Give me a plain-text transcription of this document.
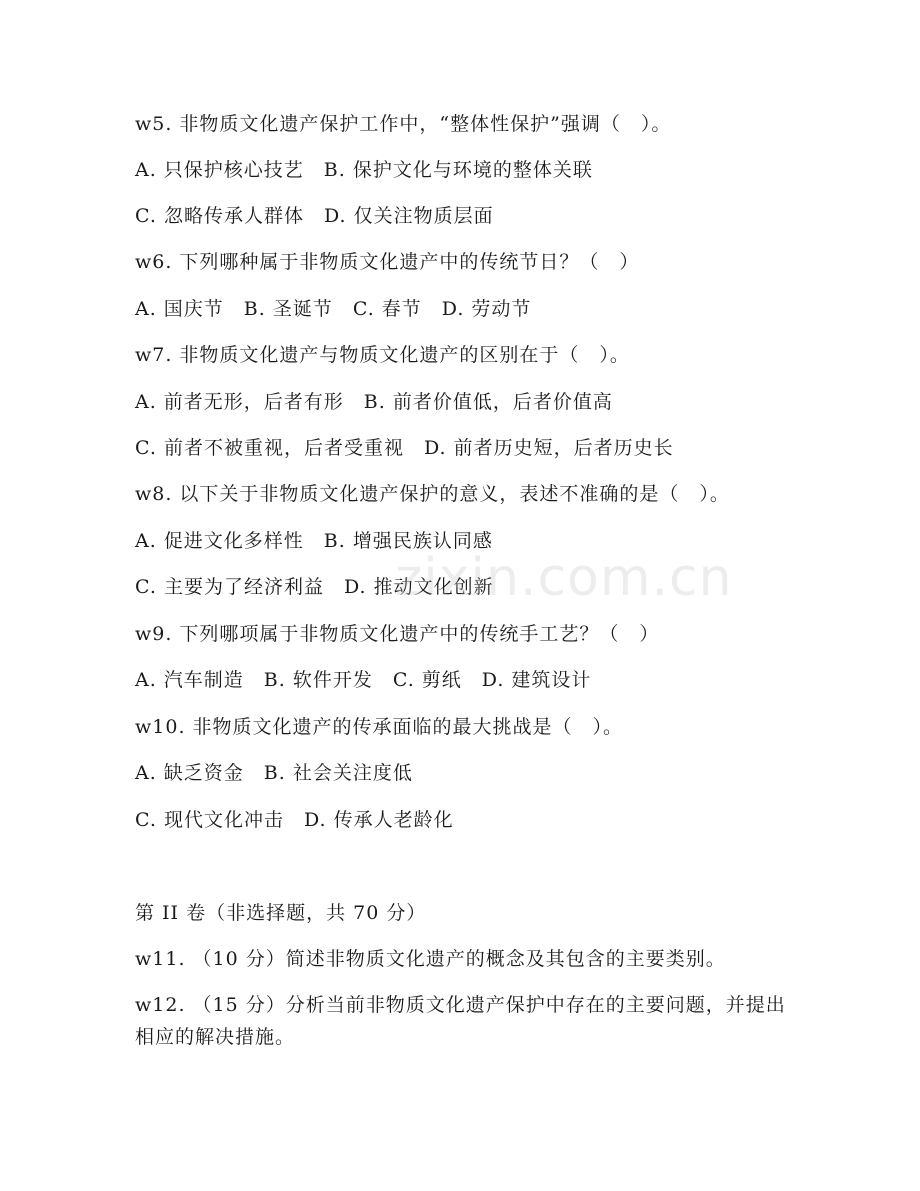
w5. 非物质文化遗产保护工作中，“整体性保护”强调（　）。
A. 只保护核心技艺　B. 保护文化与环境的整体关联
C. 忽略传承人群体　D. 仅关注物质层面
w6. 下列哪种属于非物质文化遗产中的传统节日？（　）
A. 国庆节　B. 圣诞节　C. 春节　D. 劳动节
w7. 非物质文化遗产与物质文化遗产的区别在于（　）。
A. 前者无形，后者有形　B. 前者价值低，后者价值高
C. 前者不被重视，后者受重视　D. 前者历史短，后者历史长
w8. 以下关于非物质文化遗产保护的意义，表述不准确的是（　）。
A. 促进文化多样性　B. 增强民族认同感
C. 主要为了经济利益　D. 推动文化创新
w9. 下列哪项属于非物质文化遗产中的传统手工艺？（　）
A. 汽车制造　B. 软件开发　C. 剪纸　D. 建筑设计
w10. 非物质文化遗产的传承面临的最大挑战是（　）。
A. 缺乏资金　B. 社会关注度低
C. 现代文化冲击　D. 传承人老龄化
第 II 卷（非选择题，共 70 分）
w11. （10 分）简述非物质文化遗产的概念及其包含的主要类别。
w12. （15 分）分析当前非物质文化遗产保护中存在的主要问题，并提出相应的解决措施。
zixin.com.cn
